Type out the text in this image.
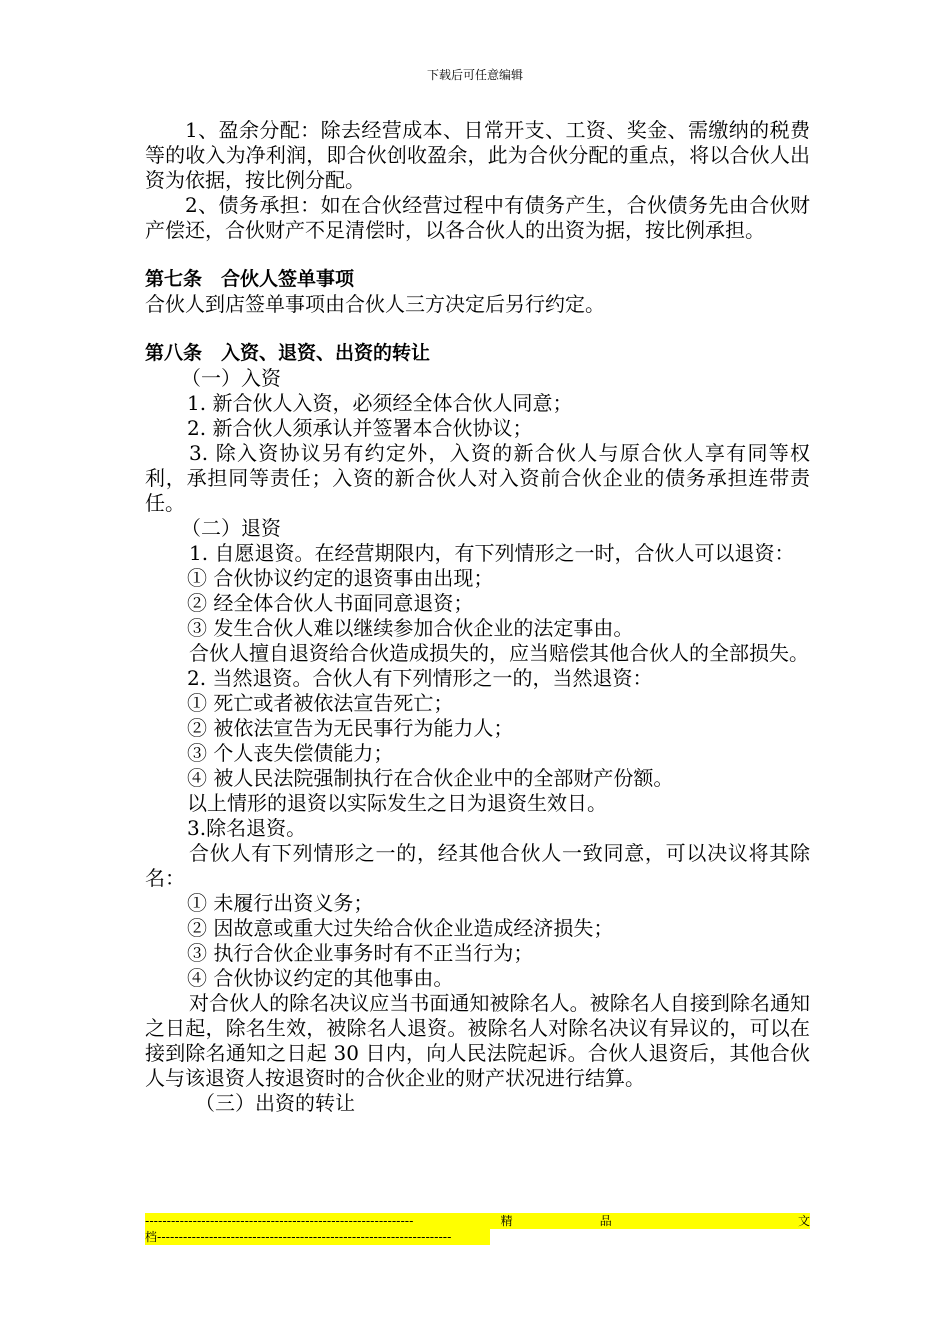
下载后可任意编辑

1、盈余分配：除去经营成本、日常开支、工资、奖金、需缴纳的税费等的收入为净利润，即合伙创收盈余，此为合伙分配的重点，将以合伙人出资为依据，按比例分配。

2、债务承担：如在合伙经营过程中有债务产生，合伙债务先由合伙财产偿还，合伙财产不足清偿时，以各合伙人的出资为据，按比例承担。

第七条　合伙人签单事项

合伙人到店签单事项由合伙人三方决定后另行约定。

第八条　入资、退资、出资的转让

（一）入资

1. 新合伙人入资，必须经全体合伙人同意；

2. 新合伙人须承认并签署本合伙协议；

3. 除入资协议另有约定外，入资的新合伙人与原合伙人享有同等权利，承担同等责任；入资的新合伙人对入资前合伙企业的债务承担连带责任。

（二）退资

1. 自愿退资。在经营期限内，有下列情形之一时，合伙人可以退资：

① 合伙协议约定的退资事由出现；

② 经全体合伙人书面同意退资；

③ 发生合伙人难以继续参加合伙企业的法定事由。

合伙人擅自退资给合伙造成损失的，应当赔偿其他合伙人的全部损失。

2. 当然退资。合伙人有下列情形之一的，当然退资：

① 死亡或者被依法宣告死亡；

② 被依法宣告为无民事行为能力人；

③ 个人丧失偿债能力；

④ 被人民法院强制执行在合伙企业中的全部财产份额。

以上情形的退资以实际发生之日为退资生效日。

3.除名退资。

合伙人有下列情形之一的，经其他合伙人一致同意，可以决议将其除名：

① 未履行出资义务；

② 因故意或重大过失给合伙企业造成经济损失；

③ 执行合伙企业事务时有不正当行为；

④ 合伙协议约定的其他事由。

对合伙人的除名决议应当书面通知被除名人。被除名人自接到除名通知之日起，除名生效，被除名人退资。被除名人对除名决议有异议的，可以在接到除名通知之日起 30 日内，向人民法院起诉。合伙人退资后，其他合伙人与该退资人按退资时的合伙企业的财产状况进行结算。

（三）出资的转让

--------------------------------------------------------------	精	品	文
档--------------------------------------------------------------------
